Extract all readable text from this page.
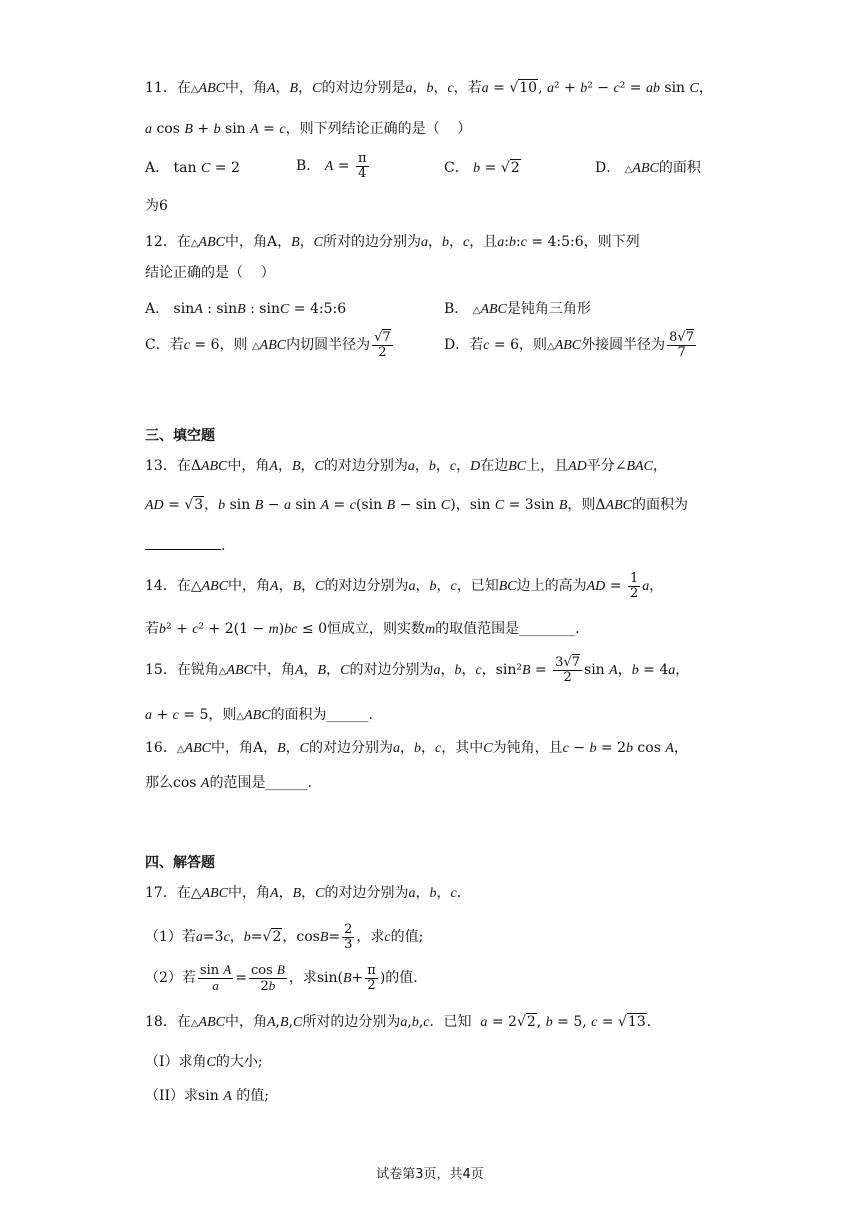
11．在△ABC中，角A，B，C的对边分别是a，b，c，若a = √10, a² + b² − c² = ab sin C，
a cos B + b sin A = c，则下列结论正确的是（    ）
A． tan C = 2	B． $A = \frac{\pi}{4}$	C． b = √2	D． △ABC的面积
为6
12．在△ABC中，角A，B，C所对的边分别为a，b，c，且a:b:c = 4:5:6，则下列
结论正确的是（    ）
A． sinA : sinB : sinC = 4:5:6	B． △ABC是钝角三角形
C．若c = 6，则 △ABC内切圆半径为 $\frac{√7}{2}$	D．若c = 6，则△ABC外接圆半径为 $\frac{8√7}{7}$
三、填空题
13．在ΔABC中，角A，B，C的对边分别为a，b，c，D在边BC上，且AD平分∠BAC，
AD = √3，b sin B − a sin A = c(sin B − sin C)，sin C = 3sin B，则ΔABC的面积为
.
14．在△ABC中，角A，B，C的对边分别为a，b，c，已知BC边上的高为AD = $\frac{1}{2}$ a，
若b² + c² + 2(1 − m)bc ≤ 0恒成立，则实数m的取值范围是________.
15．在锐角△ABC中，角A，B，C的对边分别为a，b，c，$\sin^2B = \frac{3√7}{2}$ sin A，b = 4a，
a + c = 5，则△ABC的面积为______.
16．△ABC中，角A，B，C的对边分别为a，b，c，其中C为钝角，且c − b = 2b cos A，
那么cos A的范围是______.
四、解答题
17．在△ABC中，角A，B，C的对边分别为a，b，c．
（1）若a=3c，b=√2，$\cos B= \frac{2}{3}$ ，求c的值;
（2）若 $\frac{\text{sin A}}{a} = \frac{\text{cos B}}{2b}$ ，求$\sin(B+ \frac{\pi}{2}$ )的值．
18．在△ABC中，角A,B,C所对的边分别为a,b,c．已知  a = 2√2, b = 5, c = √13．
（I）求角C的大小;
（II）求sin A 的值;
试卷第3页，共4页
